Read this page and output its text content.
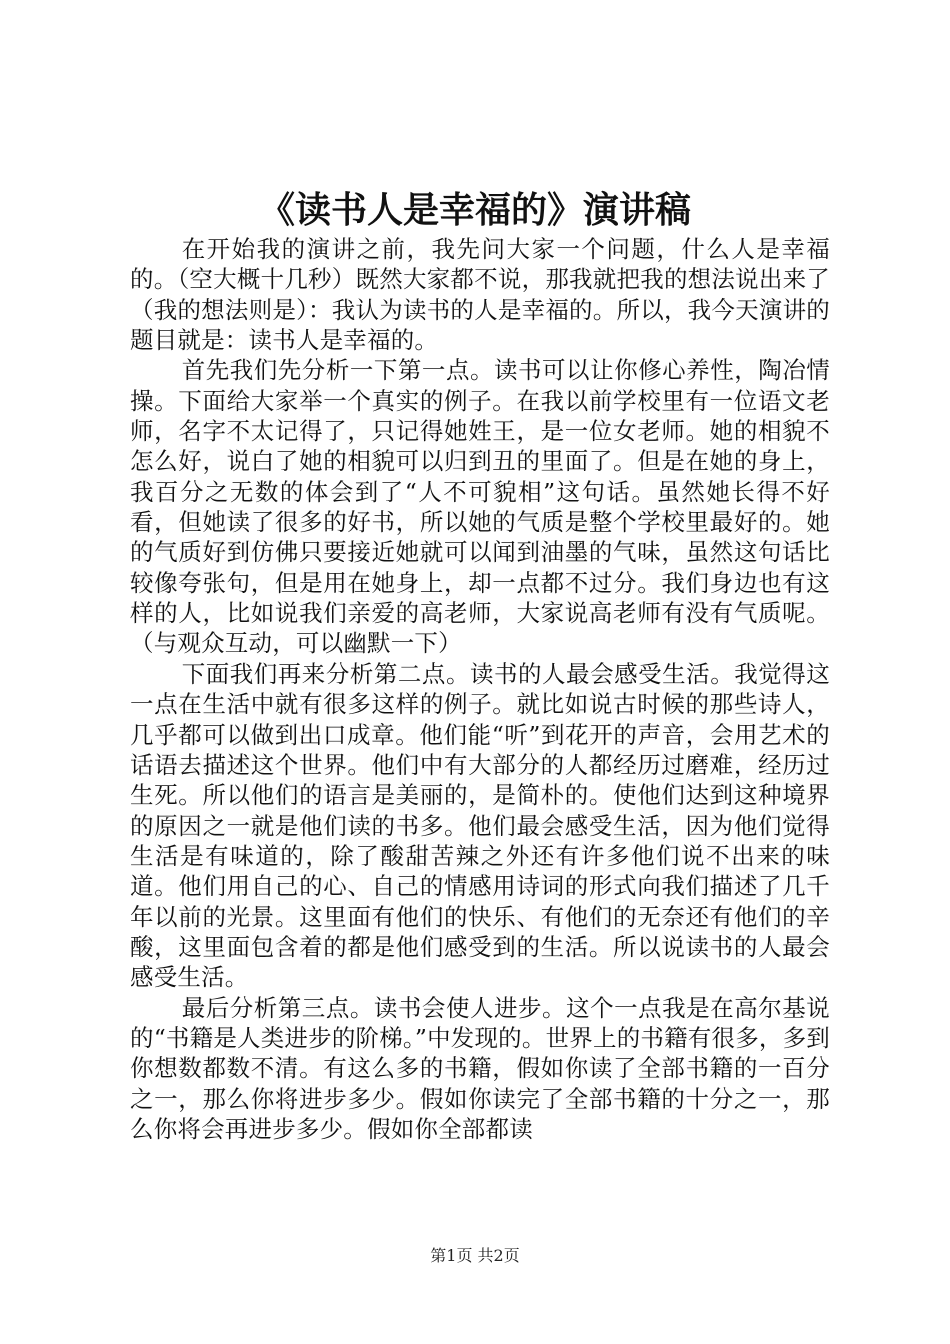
《读书人是幸福的》演讲稿

在开始我的演讲之前，我先问大家一个问题，什么人是幸福的。（空大概十几秒）既然大家都不说，那我就把我的想法说出来了（我的想法则是）：我认为读书的人是幸福的。所以，我今天演讲的题目就是：读书人是幸福的。

首先我们先分析一下第一点。读书可以让你修心养性，陶冶情操。下面给大家举一个真实的例子。在我以前学校里有一位语文老师，名字不太记得了，只记得她姓王，是一位女老师。她的相貌不怎么好，说白了她的相貌可以归到丑的里面了。但是在她的身上，我百分之无数的体会到了“人不可貌相”这句话。虽然她长得不好看，但她读了很多的好书，所以她的气质是整个学校里最好的。她的气质好到仿佛只要接近她就可以闻到油墨的气味，虽然这句话比较像夸张句，但是用在她身上，却一点都不过分。我们身边也有这样的人，比如说我们亲爱的高老师，大家说高老师有没有气质呢。（与观众互动，可以幽默一下）

下面我们再来分析第二点。读书的人最会感受生活。我觉得这一点在生活中就有很多这样的例子。就比如说古时候的那些诗人，几乎都可以做到出口成章。他们能“听”到花开的声音，会用艺术的话语去描述这个世界。他们中有大部分的人都经历过磨难，经历过生死。所以他们的语言是美丽的，是简朴的。使他们达到这种境界的原因之一就是他们读的书多。他们最会感受生活，因为他们觉得生活是有味道的，除了酸甜苦辣之外还有许多他们说不出来的味道。他们用自己的心、自己的情感用诗词的形式向我们描述了几千年以前的光景。这里面有他们的快乐、有他们的无奈还有他们的辛酸，这里面包含着的都是他们感受到的生活。所以说读书的人最会感受生活。

最后分析第三点。读书会使人进步。这个一点我是在高尔基说的“书籍是人类进步的阶梯。”中发现的。世界上的书籍有很多，多到你想数都数不清。有这么多的书籍，假如你读了全部书籍的一百分之一，那么你将进步多少。假如你读完了全部书籍的十分之一，那么你将会再进步多少。假如你全部都读

第1页 共2页
